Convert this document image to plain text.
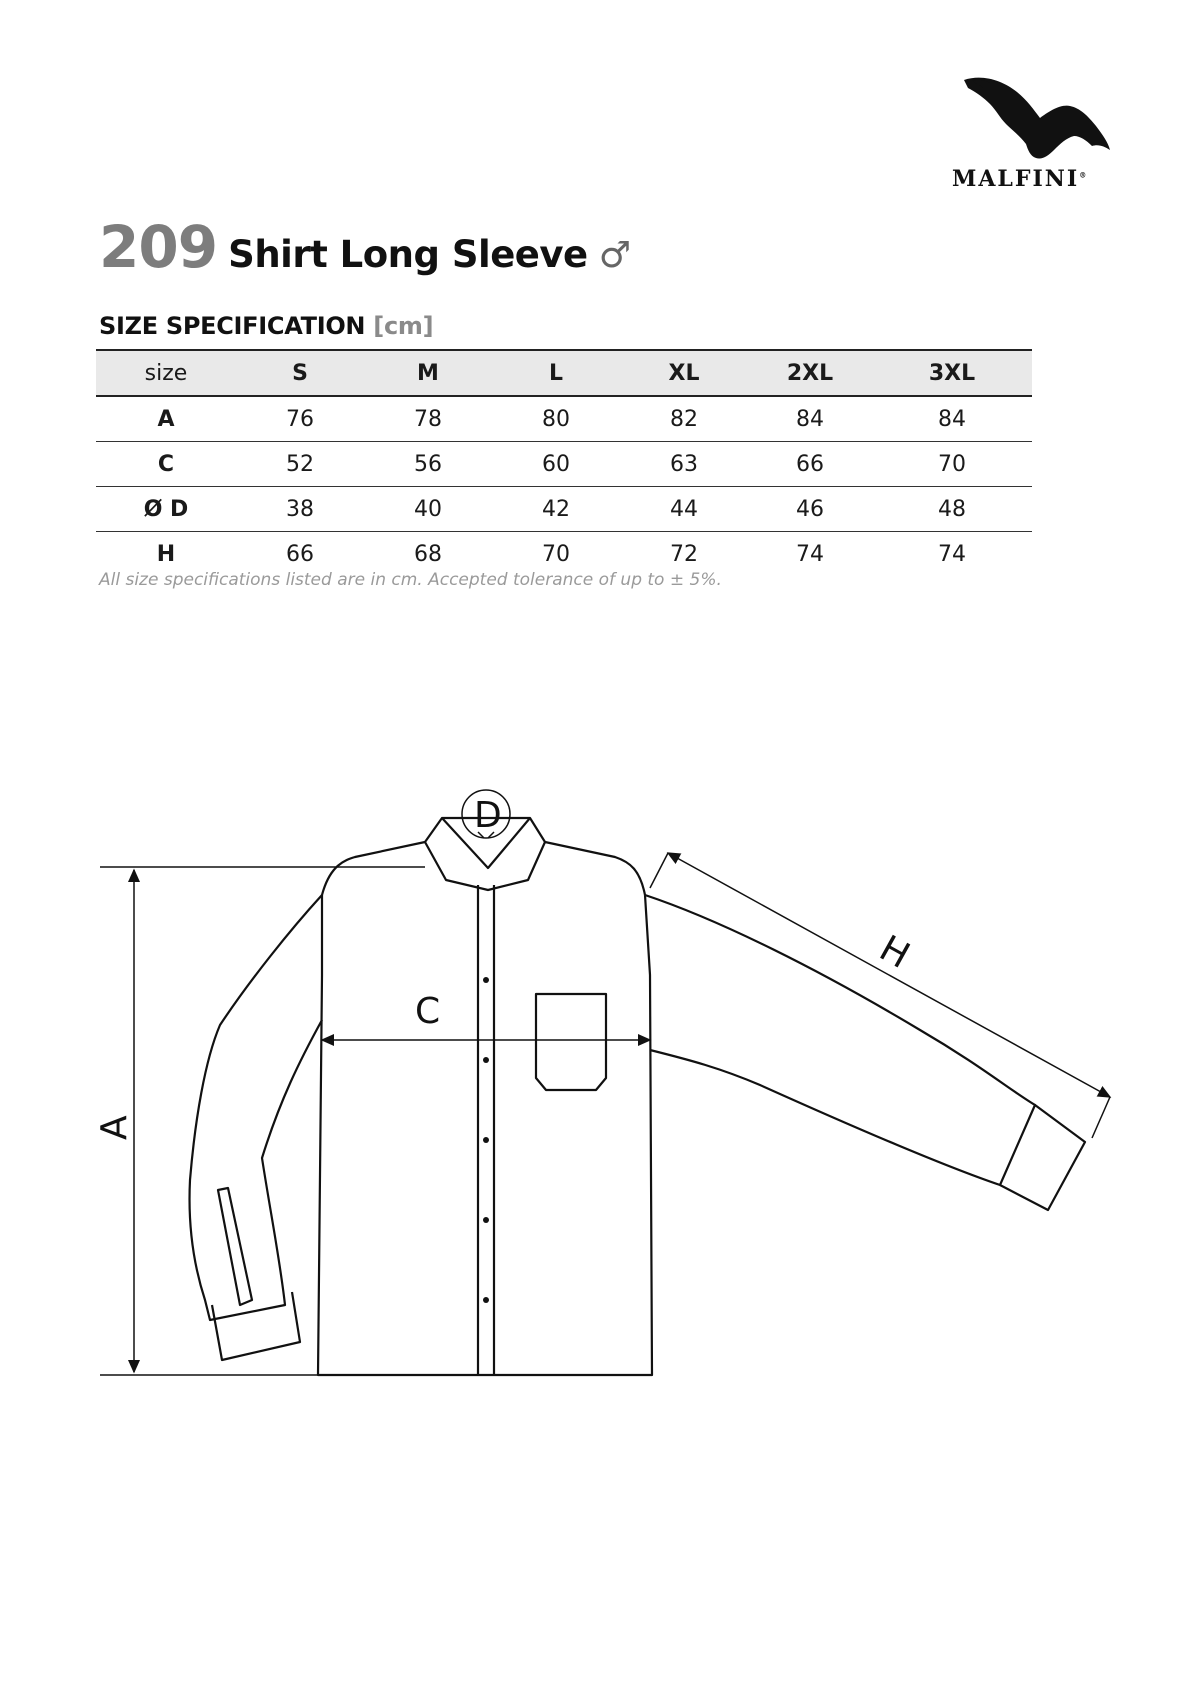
MALFINI®
209 Shirt Long Sleeve ♂
SIZE SPECIFICATION [cm]
size	S	M	L	XL	2XL	3XL
A	76	78	80	82	84	84
C	52	56	60	63	66	70
Ø D	38	40	42	44	46	48
H	66	68	70	72	74	74
All size specifications listed are in cm. Accepted tolerance of up to ± 5%.
A
C
D
H
